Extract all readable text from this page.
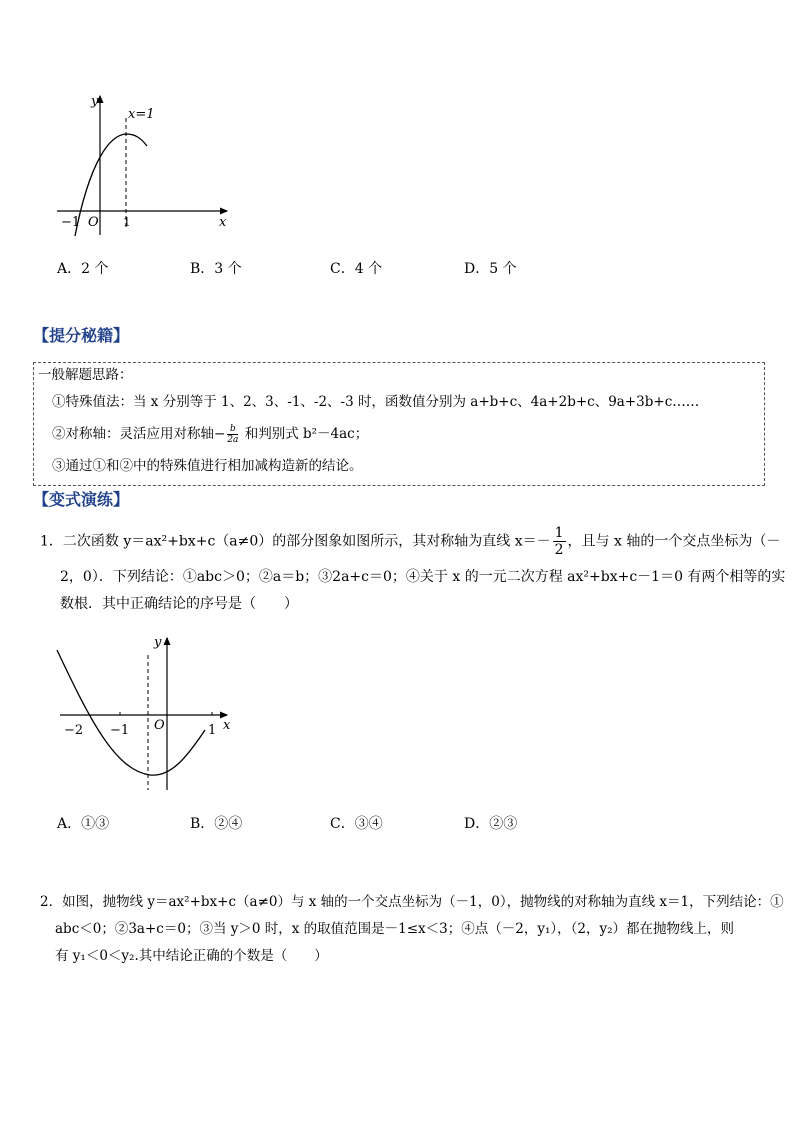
y
x=1
x
O
−1	1
A．2 个	B．3 个	C．4 个	D．5 个
【提分秘籍】
一般解题思路：
①特殊值法：当 x 分别等于 1、2、3、-1、-2、-3 时，函数值分别为 a+b+c、4a+2b+c、9a+3b+c……
②对称轴：灵活应用对称轴− $\frac{b}{2a}$ 和判别式 b²－4ac；
③通过①和②中的特殊值进行相加减构造新的结论。
【变式演练】
1．二次函数 y＝ax²+bx+c（a≠0）的部分图象如图所示，其对称轴为直线 $x=- \frac{1}{2}$ ，且与 x 轴的一个交点坐标为（－
2，0）．下列结论：①abc＞0；②a＝b；③2a+c＝0；④关于 x 的一元二次方程 ax²+bx+c－1＝0 有两个相等的实
数根．其中正确结论的序号是（　　）
y
x
O
−2 −1	1
A．①③	B．②④	C．③④	D．②③
2．如图，抛物线 y＝ax²+bx+c（a≠0）与 x 轴的一个交点坐标为（－1，0），抛物线的对称轴为直线 x＝1，下列结论：①
abc＜0；②3a+c＝0；③当 y＞0 时，x 的取值范围是－1≤x＜3；④点（－2，y₁），（2，y₂）都在抛物线上，则
有 y₁＜0＜y₂.其中结论正确的个数是（　　）
